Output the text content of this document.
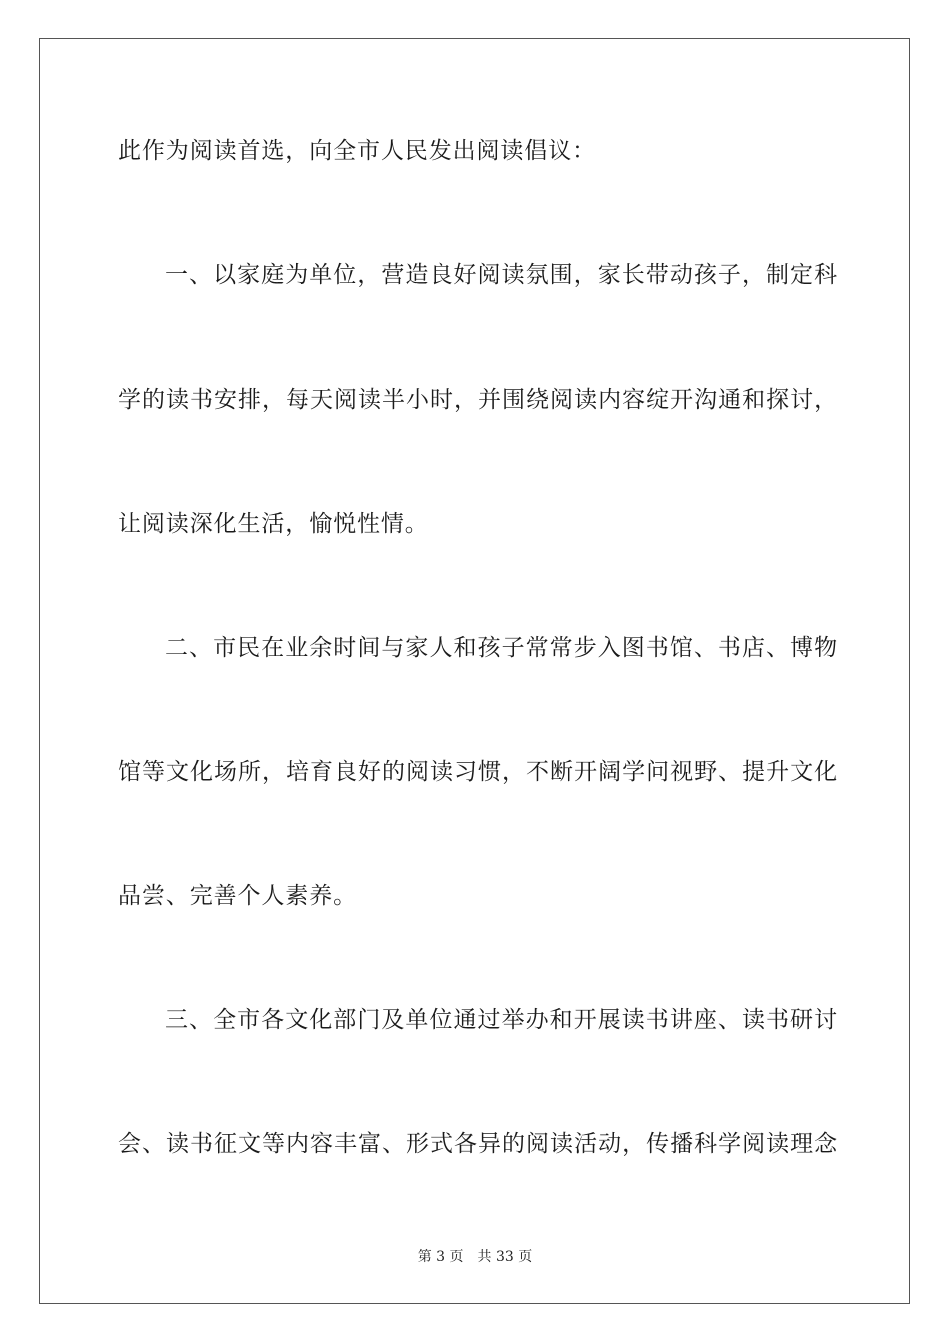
此作为阅读首选，向全市人民发出阅读倡议：
一、以家庭为单位，营造良好阅读氛围，家长带动孩子，制定科
学的读书安排，每天阅读半小时，并围绕阅读内容绽开沟通和探讨，
让阅读深化生活，愉悦性情。
二、市民在业余时间与家人和孩子常常步入图书馆、书店、博物
馆等文化场所，培育良好的阅读习惯，不断开阔学问视野、提升文化
品尝、完善个人素养。
三、全市各文化部门及单位通过举办和开展读书讲座、读书研讨
会、读书征文等内容丰富、形式各异的阅读活动，传播科学阅读理念
第 3 页 共 33 页
